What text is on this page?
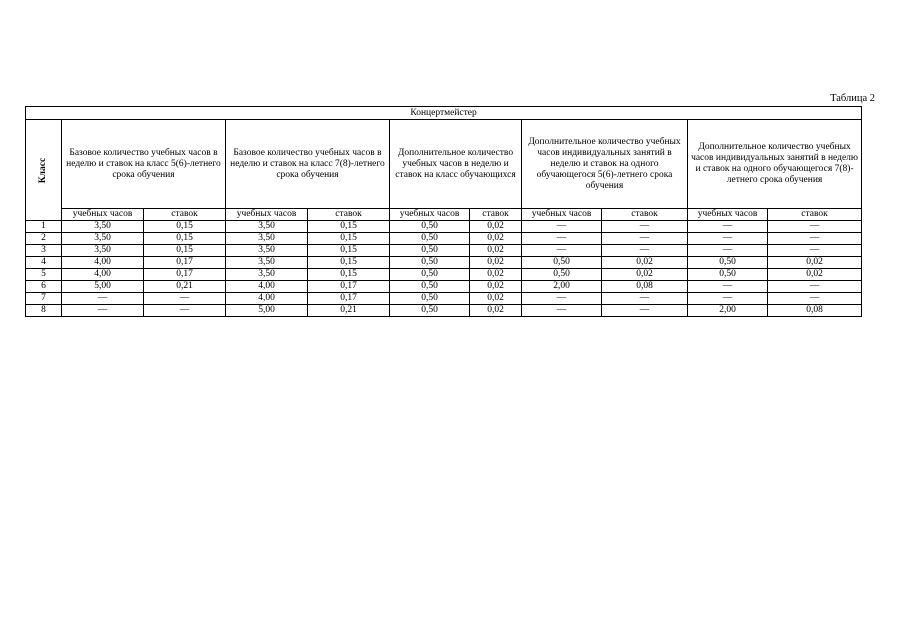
Таблица 2
Концертмейстер										
Класс	Базовое количество учебных часов в неделю и ставок на класс 5(6)-летнего срока обучения		Базовое количество учебных часов в неделю и ставок на класс 7(8)-летнего срока обучения		Дополнительное количество учебных часов в неделю и ставок на класс обучающихся		Дополнительное количество учебных часов индивидуальных занятий в неделю и ставок на одного обучающегося 5(6)-летнего срока обучения		Дополнительное количество учебных часов индивидуальных занятий в неделю и ставок на одного обучающегося 7(8)-летнего срока обучения	
	учебных часов	ставок	учебных часов	ставок	учебных часов	ставок	учебных часов	ставок	учебных часов	ставок
1	3,50	0,15	3,50	0,15	0,50	0,02	—	—	—	—
2	3,50	0,15	3,50	0,15	0,50	0,02	—	—	—	—
3	3,50	0,15	3,50	0,15	0,50	0,02	—	—	—	—
4	4,00	0,17	3,50	0,15	0,50	0,02	0,50	0,02	0,50	0,02
5	4,00	0,17	3,50	0,15	0,50	0,02	0,50	0,02	0,50	0,02
6	5,00	0,21	4,00	0,17	0,50	0,02	2,00	0,08	—	—
7	—	—	4,00	0,17	0,50	0,02	—	—	—	—
8	—	—	5,00	0,21	0,50	0,02	—	—	2,00	0,08
